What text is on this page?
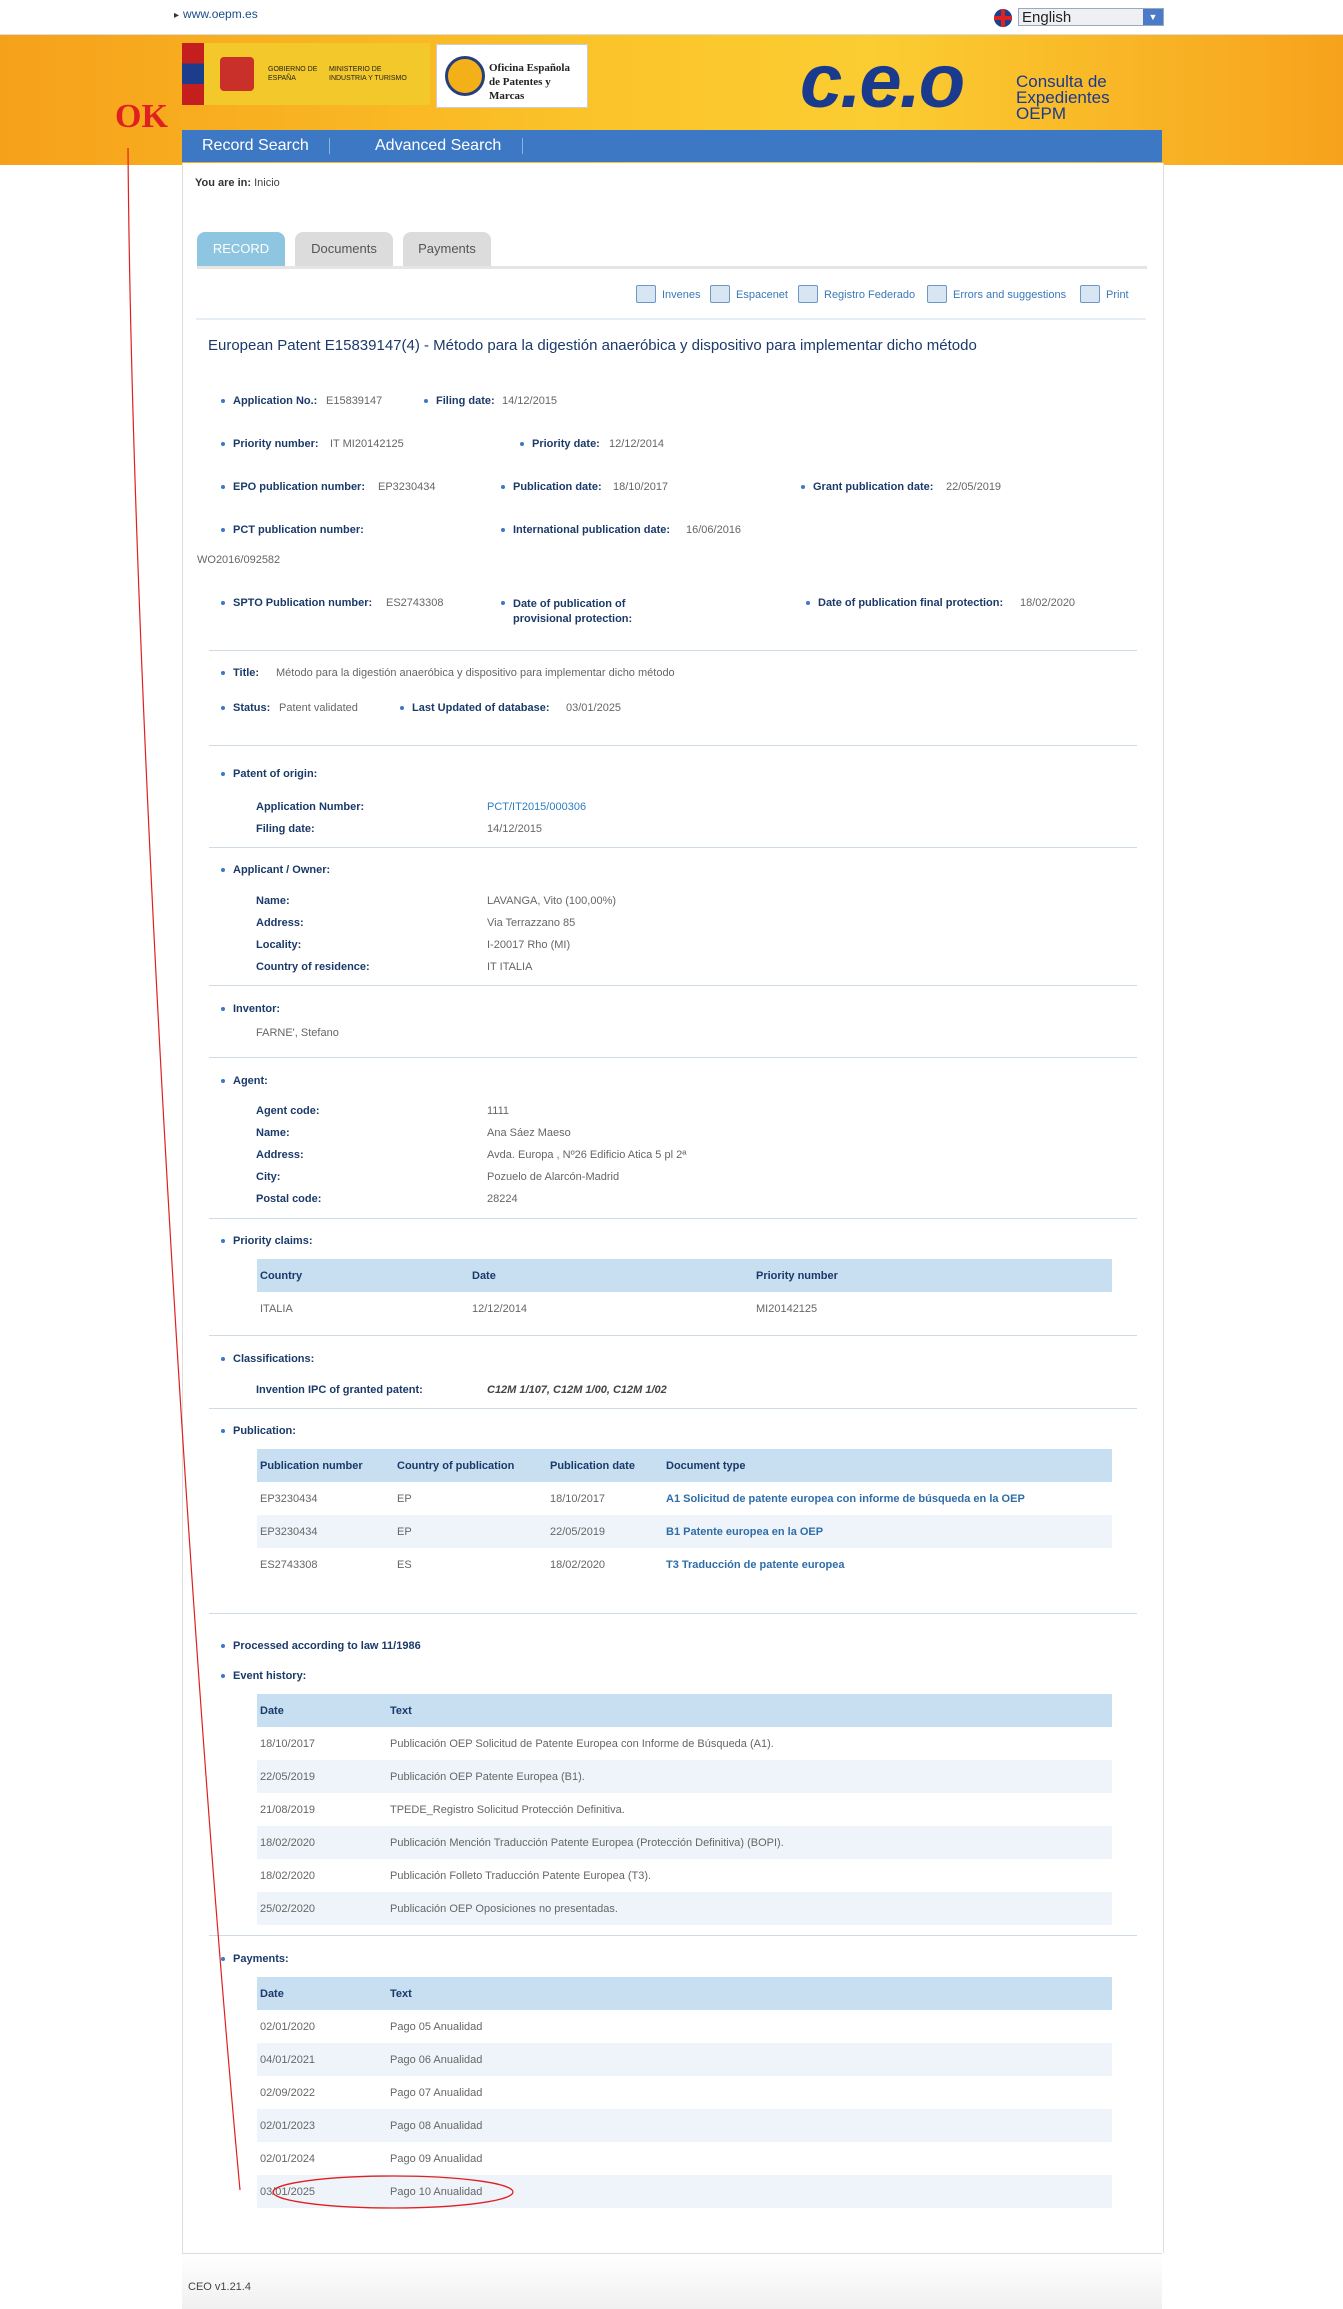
▸ www.oepm.es	English	▼
GOBIERNO DE ESPAÑA
MINISTERIO DE INDUSTRIA Y TURISMO
Oficina Española
de Patentes y Marcas	c.e.o	Consulta de
Expedientes
OEPM
Record Search	Advanced Search
You are in: Inicio
RECORD	Documents	Payments
Invenes	Espacenet	Registro Federado	Errors and suggestions	Print
European Patent E15839147(4) - Método para la digestión anaeróbica y dispositivo para implementar dicho método
Application No.: E15839147	Filing date: 14/12/2015
Priority number: IT MI20142125	Priority date: 12/12/2014
EPO publication number: EP3230434	Publication date: 18/10/2017	Grant publication date: 22/05/2019
PCT publication number:	International publication date: 16/06/2016
WO2016/092582
SPTO Publication number: ES2743308	Date of publication of
provisional protection:
Date of publication final protection: 18/02/2020
Title: Método para la digestión anaeróbica y dispositivo para implementar dicho método
Status: Patent validated	Last Updated of database: 03/01/2025
Patent of origin:
Application Number:	PCT/IT2015/000306
Filing date:	14/12/2015
Applicant / Owner:
Name:	LAVANGA, Vito (100,00%)
Address:	Via Terrazzano 85
Locality:	I-20017 Rho (MI)
Country of residence:	IT ITALIA
Inventor:
FARNE', Stefano
Agent:
Agent code:	1111
Name:	Ana Sáez Maeso
Address:	Avda. Europa , Nº26 Edificio Atica 5 pl 2ª
City:	Pozuelo de Alarcón-Madrid
Postal code:	28224
Priority claims:
Country	Date	Priority number
ITALIA	12/12/2014	MI20142125
Classifications:
Invention IPC of granted patent:	C12M 1/107, C12M 1/00, C12M 1/02
Publication:
Publication number	Country of publication	Publication date	Document type
EP3230434	EP	18/10/2017	A1 Solicitud de patente europea con informe de búsqueda en la OEP
EP3230434	EP	22/05/2019	B1 Patente europea en la OEP
ES2743308	ES	18/02/2020	T3 Traducción de patente europea
Processed according to law 11/1986
Event history:
Date	Text
18/10/2017	Publicación OEP Solicitud de Patente Europea con Informe de Búsqueda (A1).
22/05/2019	Publicación OEP Patente Europea (B1).
21/08/2019	TPEDE_Registro Solicitud Protección Definitiva.
18/02/2020	Publicación Mención Traducción Patente Europea (Protección Definitiva) (BOPI).
18/02/2020	Publicación Folleto Traducción Patente Europea (T3).
25/02/2020	Publicación OEP Oposiciones no presentadas.
Payments:
Date	Text
02/01/2020	Pago 05 Anualidad
04/01/2021	Pago 06 Anualidad
02/09/2022	Pago 07 Anualidad
02/01/2023	Pago 08 Anualidad
02/01/2024	Pago 09 Anualidad
03/01/2025	Pago 10 Anualidad
CEO v1.21.4
OK
